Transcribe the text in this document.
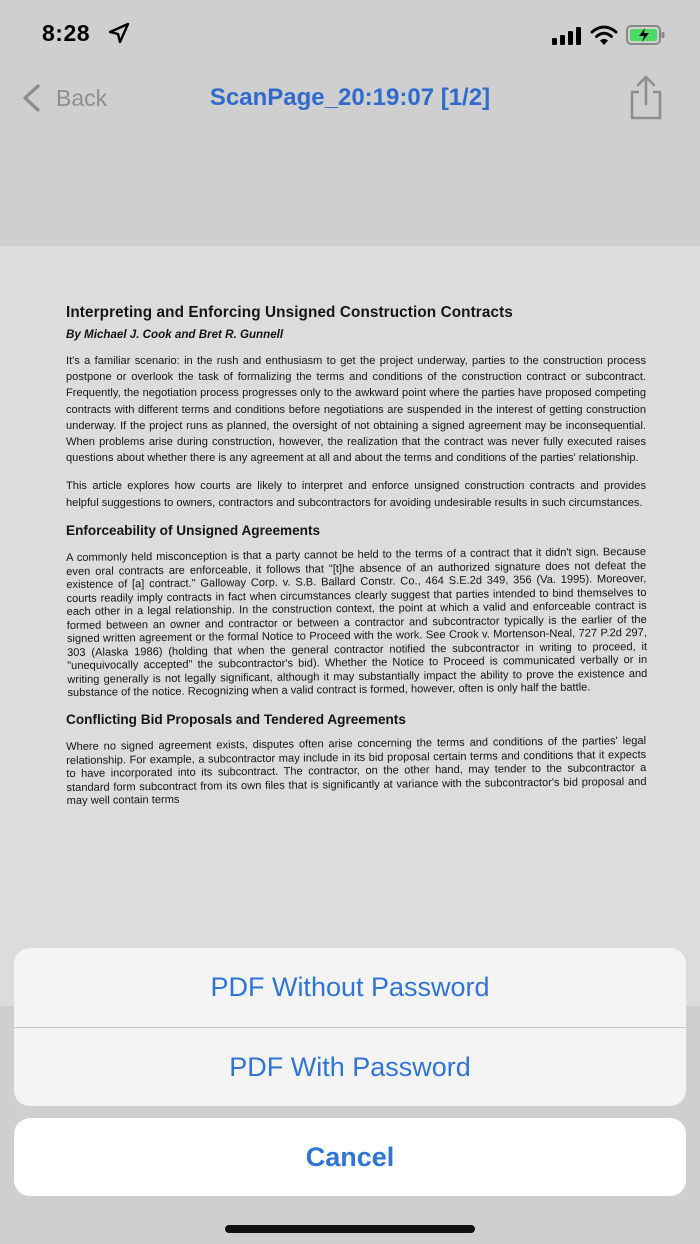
8:28
Back	ScanPage_20:19:07 [1/2]
Interpreting and Enforcing Unsigned Construction Contracts
By Michael J. Cook and Bret R. Gunnell

It's a familiar scenario: in the rush and enthusiasm to get the project underway, parties to the construction process postpone or overlook the task of formalizing the terms and conditions of the construction contract or subcontract. Frequently, the negotiation process progresses only to the awkward point where the parties have proposed competing contracts with different terms and conditions before negotiations are suspended in the interest of getting construction underway. If the project runs as planned, the oversight of not obtaining a signed agreement may be inconsequential. When problems arise during construction, however, the realization that the contract was never fully executed raises questions about whether there is any agreement at all and about the terms and conditions of the parties' relationship.

This article explores how courts are likely to interpret and enforce unsigned construction contracts and provides helpful suggestions to owners, contractors and subcontractors for avoiding undesirable results in such circumstances.

Enforceability of Unsigned Agreements

A commonly held misconception is that a party cannot be held to the terms of a contract that it didn't sign. Because even oral contracts are enforceable, it follows that "[t]he absence of an authorized signature does not defeat the existence of [a] contract." Galloway Corp. v. S.B. Ballard Constr. Co., 464 S.E.2d 349, 356 (Va. 1995). Moreover, courts readily imply contracts in fact when circumstances clearly suggest that parties intended to bind themselves to each other in a legal relationship. In the construction context, the point at which a valid and enforceable contract is formed between an owner and contractor or between a contractor and subcontractor typically is the earlier of the signed written agreement or the formal Notice to Proceed with the work. See Crook v. Mortenson-Neal, 727 P.2d 297, 303 (Alaska 1986) (holding that when the general contractor notified the subcontractor in writing to proceed, it "unequivocally accepted" the subcontractor's bid). Whether the Notice to Proceed is communicated verbally or in writing generally is not legally significant, although it may substantially impact the ability to prove the existence and substance of the notice. Recognizing when a valid contract is formed, however, often is only half the battle.

Conflicting Bid Proposals and Tendered Agreements

Where no signed agreement exists, disputes often arise concerning the terms and conditions of the parties' legal relationship. For example, a subcontractor may include in its bid proposal certain terms and conditions that it expects to have incorporated into its subcontract. The contractor, on the other hand, may tender to the subcontractor a standard form subcontract from its own files that is significantly at variance with the subcontractor's bid proposal and may well contain terms

PDF Without Password
PDF With Password
Cancel
